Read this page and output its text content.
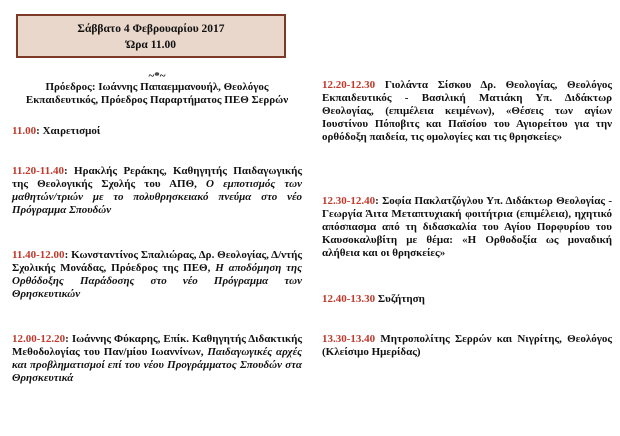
Σάββατο 4 Φεβρουαρίου 2017
Ώρα 11.00
~*~
Πρόεδρος: Ιωάννης Παπαεμμανουήλ, Θεολόγος Εκπαιδευτικός, Πρόεδρος Παραρτήματος ΠΕΘ Σερρών
11.00: Χαιρετισμοί
11.20-11.40: Ηρακλής Ρεράκης, Καθηγητής Παιδαγωγικής της Θεολογικής Σχολής του ΑΠΘ, Ο εμποτισμός των μαθητών/τριών με το πολυθρησκειακό πνεύμα στο νέο Πρόγραμμα Σπουδών
11.40-12.00: Κωνσταντίνος Σπαλιώρας, Δρ. Θεολογίας, Δ/ντής Σχολικής Μονάδας, Πρόεδρος της ΠΕΘ, Η αποδόμηση της Ορθόδοξης Παράδοσης στο νέο Πρόγραμμα των Θρησκευτικών
12.00-12.20: Ιωάννης Φύκαρης, Επίκ. Καθηγητής Διδακτικής Μεθοδολογίας του Παν/μίου Ιωαννίνων, Παιδαγωγικές αρχές και προβληματισμοί επί του νέου Προγράμματος Σπουδών στα Θρησκευτικά
12.20-12.30 Γιολάντα Σίσκου Δρ. Θεολογίας, Θεολόγος Εκπαιδευτικός - Βασιλική Ματιάκη Υπ. Διδάκτωρ Θεολογίας, (επιμέλεια κειμένων), «Θέσεις των αγίων Ιουστίνου Πόποβιτς και Παϊσίου του Αγιορείτου για την ορθόδοξη παιδεία, τις ομολογίες και τις θρησκείες»
12.30-12.40: Σοφία Πακλατζόγλου Υπ. Διδάκτωρ Θεολογίας - Γεωργία Άιτα Μεταπτυχιακή φοιτήτρια (επιμέλεια), ηχητικό απόσπασμα από τη διδασκαλία του Αγίου Πορφυρίου του Καυσοκαλυβίτη με θέμα: «Η Ορθοδοξία ως μοναδική αλήθεια και οι θρησκείες»
12.40-13.30 Συζήτηση
13.30-13.40 Μητροπολίτης Σερρών και Νιγρίτης, Θεολόγος (Κλείσιμο Ημερίδας)
